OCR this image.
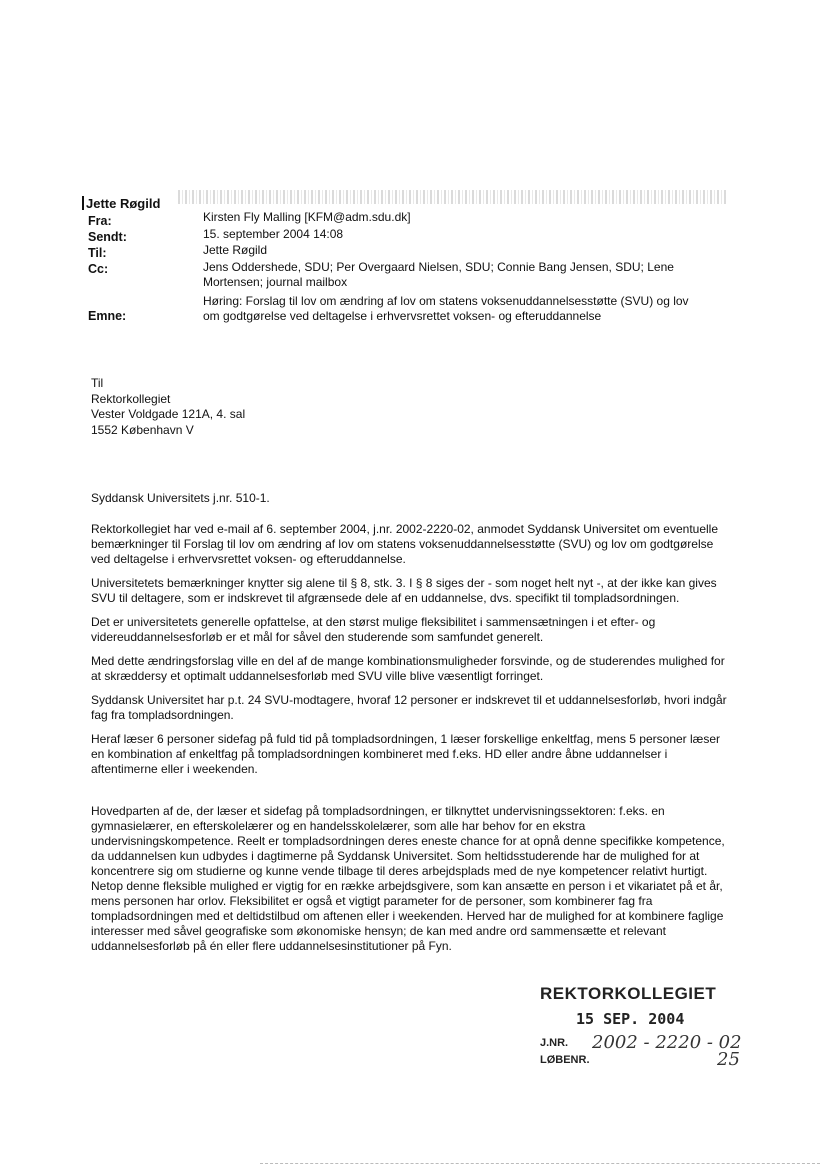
Jette Røgild
Fra:
Sendt:
Til:
Cc:
Emne:
Kirsten Fly Malling [KFM@adm.sdu.dk]
15. september 2004 14:08
Jette Røgild
Jens Oddershede, SDU; Per Overgaard Nielsen, SDU; Connie Bang Jensen, SDU; Lene Mortensen; journal mailbox
Høring: Forslag til lov om ændring af lov om statens voksenuddannelsesstøtte (SVU) og lov om godtgørelse ved deltagelse i erhvervsrettet voksen- og efteruddannelse
Til
Rektorkollegiet
Vester Voldgade 121A, 4. sal
1552 København V
Syddansk Universitets j.nr. 510-1.

Rektorkollegiet har ved e-mail af 6. september 2004, j.nr. 2002-2220-02, anmodet Syddansk Universitet om eventuelle bemærkninger til Forslag til lov om ændring af lov om statens voksenuddannelsesstøtte (SVU) og lov om godtgørelse ved deltagelse i erhvervsrettet voksen- og efteruddannelse.

Universitetets bemærkninger knytter sig alene til § 8, stk. 3. I § 8 siges der - som noget helt nyt -, at der ikke kan gives SVU til deltagere, som er indskrevet til afgrænsede dele af en uddannelse, dvs. specifikt til tompladsordningen.

Det er universitetets generelle opfattelse, at den størst mulige fleksibilitet i sammensætningen i et efter- og videreuddannelsesforløb er et mål for såvel den studerende som samfundet generelt.

Med dette ændringsforslag ville en del af de mange kombinationsmuligheder forsvinde, og de studerendes mulighed for at skræddersy et optimalt uddannelsesforløb med SVU ville blive væsentligt forringet.

Syddansk Universitet har p.t. 24 SVU-modtagere, hvoraf 12 personer er indskrevet til et uddannelsesforløb, hvori indgår fag fra tompladsordningen.

Heraf læser 6 personer sidefag på fuld tid på tompladsordningen, 1 læser forskellige enkeltfag, mens 5 personer læser en kombination af enkeltfag på tompladsordningen kombineret med f.eks. HD eller andre åbne uddannelser i aftentimerne eller i weekenden.

Hovedparten af de, der læser et sidefag på tompladsordningen, er tilknyttet undervisningssektoren: f.eks. en gymnasielærer, en efterskolelærer og en handelsskolelærer, som alle har behov for en ekstra undervisningskompetence. Reelt er tompladsordningen deres eneste chance for at opnå denne specifikke kompetence, da uddannelsen kun udbydes i dagtimerne på Syddansk Universitet. Som heltidsstuderende har de mulighed for at koncentrere sig om studierne og kunne vende tilbage til deres arbejdsplads med de nye kompetencer relativt hurtigt. Netop denne fleksible mulighed er vigtig for en række arbejdsgivere, som kan ansætte en person i et vikariatet på et år, mens personen har orlov. Fleksibilitet er også et vigtigt parameter for de personer, som kombinerer fag fra tompladsordningen med et deltidstilbud om aftenen eller i weekenden. Herved har de mulighed for at kombinere faglige interesser med såvel geografiske som økonomiske hensyn; de kan med andre ord sammensætte et relevant uddannelsesforløb på én eller flere uddannelsesinstitutioner på Fyn.

REKTORKOLLEGIET
15 SEP. 2004
J.NR.	2002 - 2220 - 02
LØBENR.	25
